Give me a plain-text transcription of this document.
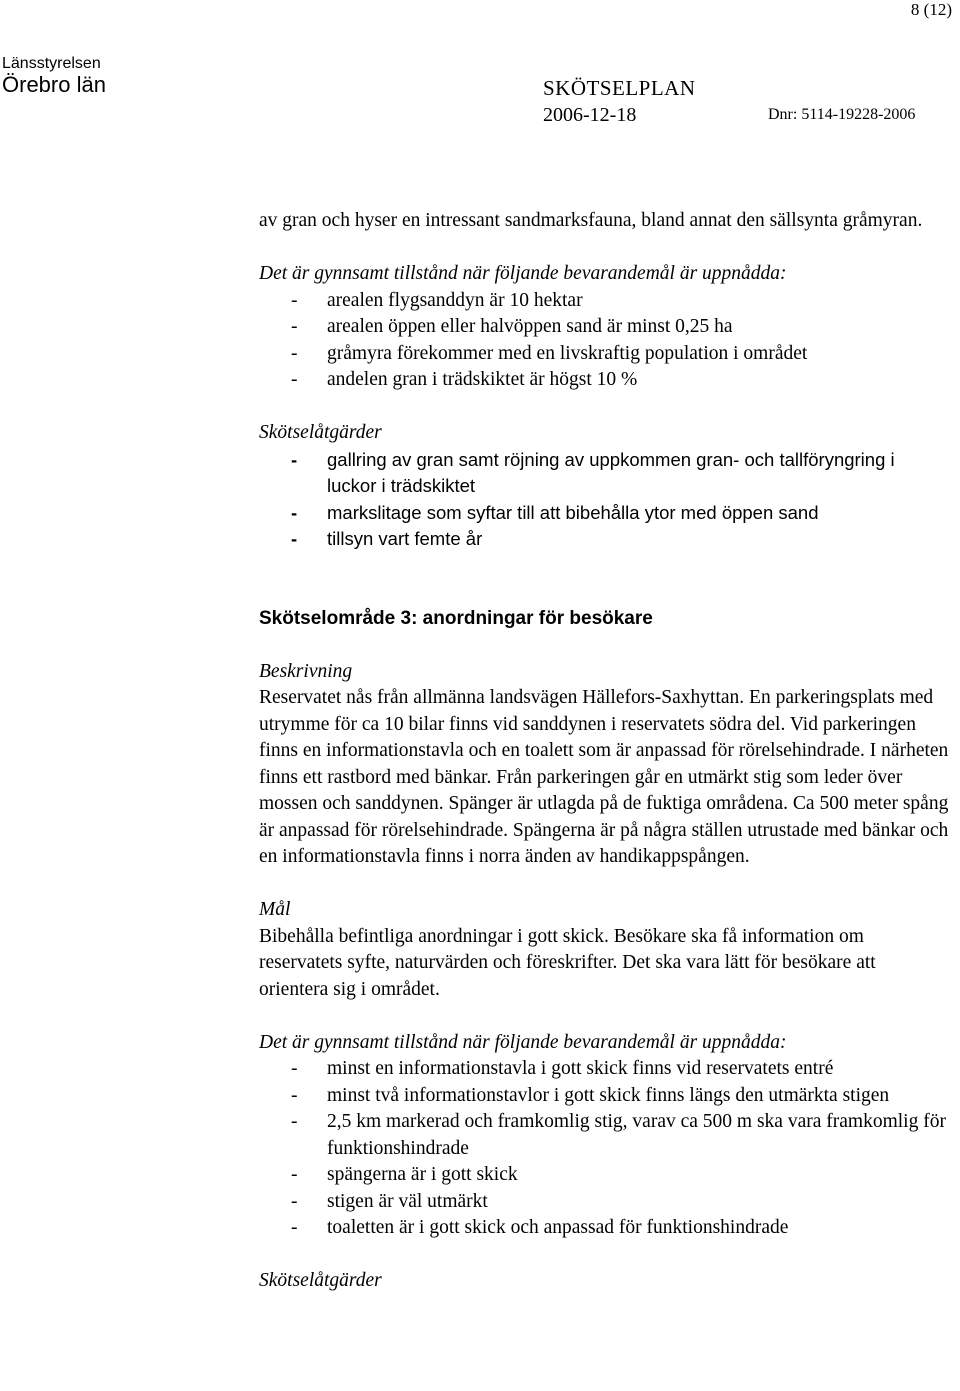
8 (12)
Länsstyrelsen
Örebro län	SKÖTSELPLAN
2006-12-18	Dnr: 5114-19228-2006

av gran och hyser en intressant sandmarksfauna, bland annat den sällsynta gråmyran.

Det är gynnsamt tillstånd när följande bevarandemål är uppnådda:

- arealen flygsanddyn är 10 hektar
- arealen öppen eller halvöppen sand är minst 0,25 ha
- gråmyra förekommer med en livskraftig population i området
- andelen gran i trädskiktet är högst 10 %

Skötselåtgärder

- gallring av gran samt röjning av uppkommen gran- och tallföryngring i luckor i trädskiktet
- markslitage som syftar till att bibehålla ytor med öppen sand
- tillsyn vart femte år

Skötselområde 3: anordningar för besökare

Beskrivning

Reservatet nås från allmänna landsvägen Hällefors-Saxhyttan. En parkeringsplats med utrymme för ca 10 bilar finns vid sanddynen i reservatets södra del. Vid parkeringen finns en informationstavla och en toalett som är anpassad för rörelsehindrade. I närheten finns ett rastbord med bänkar. Från parkeringen går en utmärkt stig som leder över mossen och sanddynen. Spänger är utlagda på de fuktiga områdena. Ca 500 meter spång är anpassad för rörelsehindrade. Spängerna är på några ställen utrustade med bänkar och en informationstavla finns i norra änden av handikappspången.

Mål

Bibehålla befintliga anordningar i gott skick. Besökare ska få information om reservatets syfte, naturvärden och föreskrifter. Det ska vara lätt för besökare att orientera sig i området.

Det är gynnsamt tillstånd när följande bevarandemål är uppnådda:

- minst en informationstavla i gott skick finns vid reservatets entré
- minst två informationstavlor i gott skick finns längs den utmärkta stigen
- 2,5 km markerad och framkomlig stig, varav ca 500 m ska vara framkomlig för funktionshindrade
- spängerna är i gott skick
- stigen är väl utmärkt
- toaletten är i gott skick och anpassad för funktionshindrade

Skötselåtgärder
